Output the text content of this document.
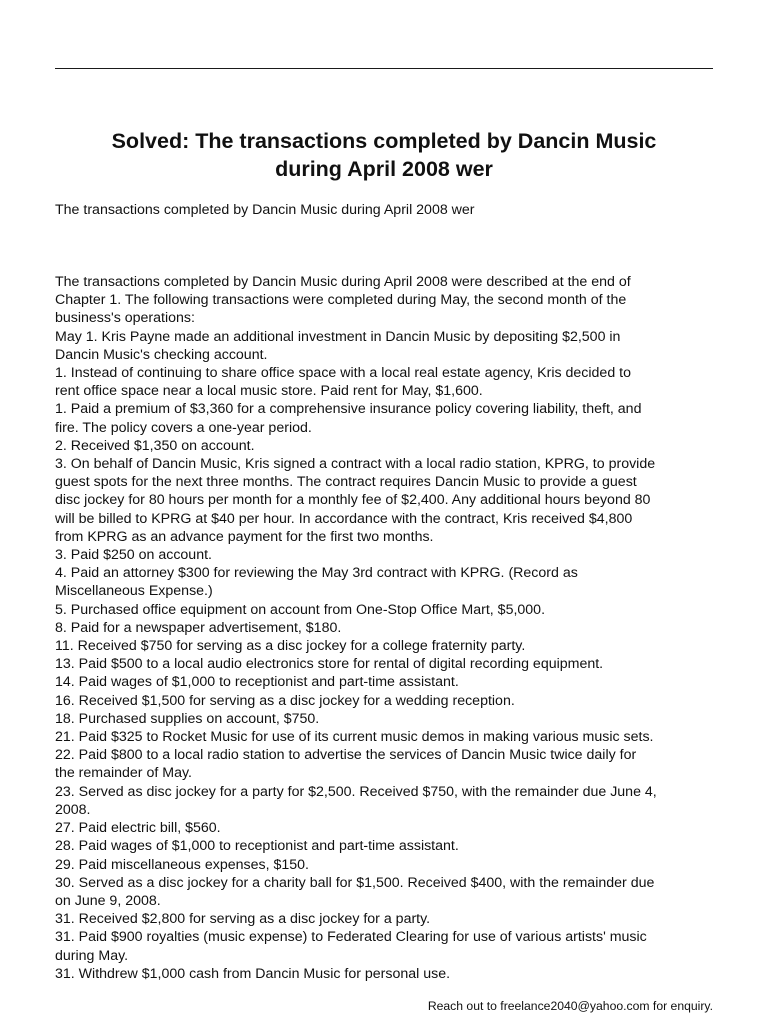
Solved: The transactions completed by Dancin Music
during April 2008 wer

The transactions completed by Dancin Music during April 2008 wer

The transactions completed by Dancin Music during April 2008 were described at the end of
Chapter 1. The following transactions were completed during May, the second month of the
business's operations:
May 1. Kris Payne made an additional investment in Dancin Music by depositing $2,500 in
Dancin Music's checking account.
1. Instead of continuing to share office space with a local real estate agency, Kris decided to
rent office space near a local music store. Paid rent for May, $1,600.
1. Paid a premium of $3,360 for a comprehensive insurance policy covering liability, theft, and
fire. The policy covers a one-year period.
2. Received $1,350 on account.
3. On behalf of Dancin Music, Kris signed a contract with a local radio station, KPRG, to provide
guest spots for the next three months. The contract requires Dancin Music to provide a guest
disc jockey for 80 hours per month for a monthly fee of $2,400. Any additional hours beyond 80
will be billed to KPRG at $40 per hour. In accordance with the contract, Kris received $4,800
from KPRG as an advance payment for the first two months.
3. Paid $250 on account.
4. Paid an attorney $300 for reviewing the May 3rd contract with KPRG. (Record as
Miscellaneous Expense.)
5. Purchased office equipment on account from One-Stop Office Mart, $5,000.
8. Paid for a newspaper advertisement, $180.
11. Received $750 for serving as a disc jockey for a college fraternity party.
13. Paid $500 to a local audio electronics store for rental of digital recording equipment.
14. Paid wages of $1,000 to receptionist and part-time assistant.
16. Received $1,500 for serving as a disc jockey for a wedding reception.
18. Purchased supplies on account, $750.
21. Paid $325 to Rocket Music for use of its current music demos in making various music sets.
22. Paid $800 to a local radio station to advertise the services of Dancin Music twice daily for
the remainder of May.
23. Served as disc jockey for a party for $2,500. Received $750, with the remainder due June 4,
2008.
27. Paid electric bill, $560.
28. Paid wages of $1,000 to receptionist and part-time assistant.
29. Paid miscellaneous expenses, $150.
30. Served as a disc jockey for a charity ball for $1,500. Received $400, with the remainder due
on June 9, 2008.
31. Received $2,800 for serving as a disc jockey for a party.
31. Paid $900 royalties (music expense) to Federated Clearing for use of various artists' music
during May.
31. Withdrew $1,000 cash from Dancin Music for personal use.

Reach out to freelance2040@yahoo.com for enquiry.
